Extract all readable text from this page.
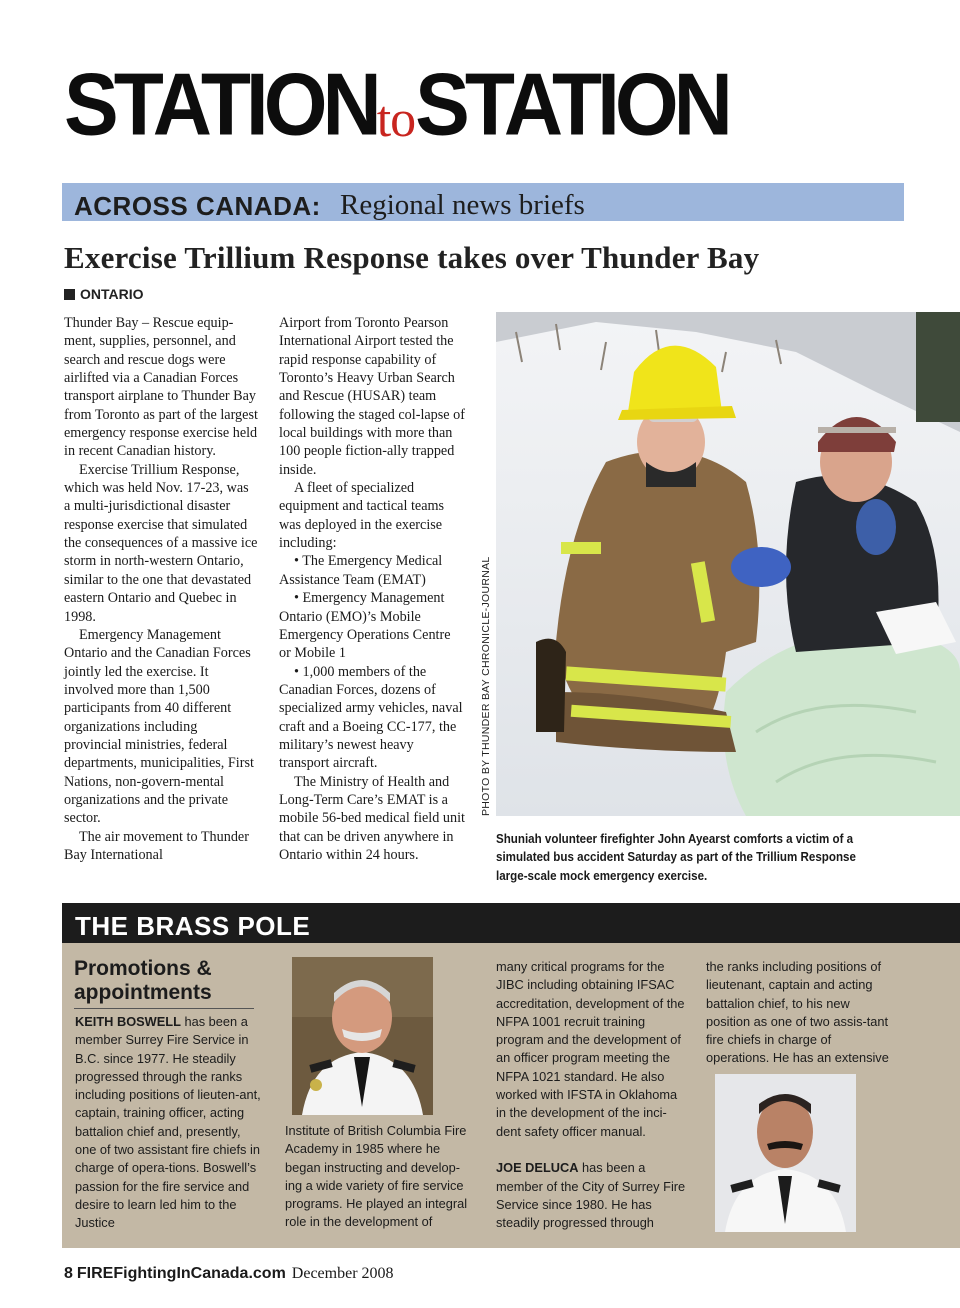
STATIONtoSTATION
ACROSS CANADA: Regional news briefs
Exercise Trillium Response takes over Thunder Bay
ONTARIO

Thunder Bay – Rescue equip-ment, supplies, personnel, and search and rescue dogs were airlifted via a Canadian Forces transport airplane to Thunder Bay from Toronto as part of the largest emergency response exercise held in recent Canadian history.

Exercise Trillium Response, which was held Nov. 17-23, was a multi-jurisdictional disaster response exercise that simulated the consequences of a massive ice storm in north-western Ontario, similar to the one that devastated eastern Ontario and Quebec in 1998.

Emergency Management Ontario and the Canadian Forces jointly led the exercise. It involved more than 1,500 participants from 40 different organizations including provincial ministries, federal departments, municipalities, First Nations, non-govern-mental organizations and the private sector.

The air movement to Thunder Bay International

Airport from Toronto Pearson International Airport tested the rapid response capability of Toronto’s Heavy Urban Search and Rescue (HUSAR) team following the staged col-lapse of local buildings with more than 100 people fiction-ally trapped inside.

A fleet of specialized equipment and tactical teams was deployed in the exercise including:

• The Emergency Medical Assistance Team (EMAT)

• Emergency Management Ontario (EMO)’s Mobile Emergency Operations Centre or Mobile 1

• 1,000 members of the Canadian Forces, dozens of specialized army vehicles, naval craft and a Boeing CC-177, the military’s newest heavy transport aircraft.

The Ministry of Health and Long-Term Care’s EMAT is a mobile 56-bed medical field unit that can be driven anywhere in Ontario within 24 hours.

PHOTO BY THUNDER BAY CHRONICLE-JOURNAL
Shuniah volunteer firefighter John Ayearst comforts a victim of a simulated bus accident Saturday as part of the Trillium Response large-scale mock emergency exercise.
THE BRASS POLE
Promotions & appointments

KEITH BOSWELL has been a member Surrey Fire Service in B.C. since 1977. He steadily progressed through the ranks including positions of lieuten-ant, captain, training officer, acting battalion chief and, presently, one of two assistant fire chiefs in charge of opera-tions. Boswell’s passion for the fire service and desire to learn led him to the Justice

Institute of British Columbia Fire Academy in 1985 where he began instructing and develop-ing a wide variety of fire service programs. He played an integral role in the development of

many critical programs for the JIBC including obtaining IFSAC accreditation, development of the NFPA 1001 recruit training program and the development of an officer program meeting the NFPA 1021 standard. He also worked with IFSTA in Oklahoma in the development of the inci-dent safety officer manual.

JOE DELUCA has been a member of the City of Surrey Fire Service since 1980. He has steadily progressed through

the ranks including positions of lieutenant, captain and acting battalion chief, to his new position as one of two assis-tant fire chiefs in charge of operations. He has an extensive

8 FIREFightingInCanada.com December 2008
